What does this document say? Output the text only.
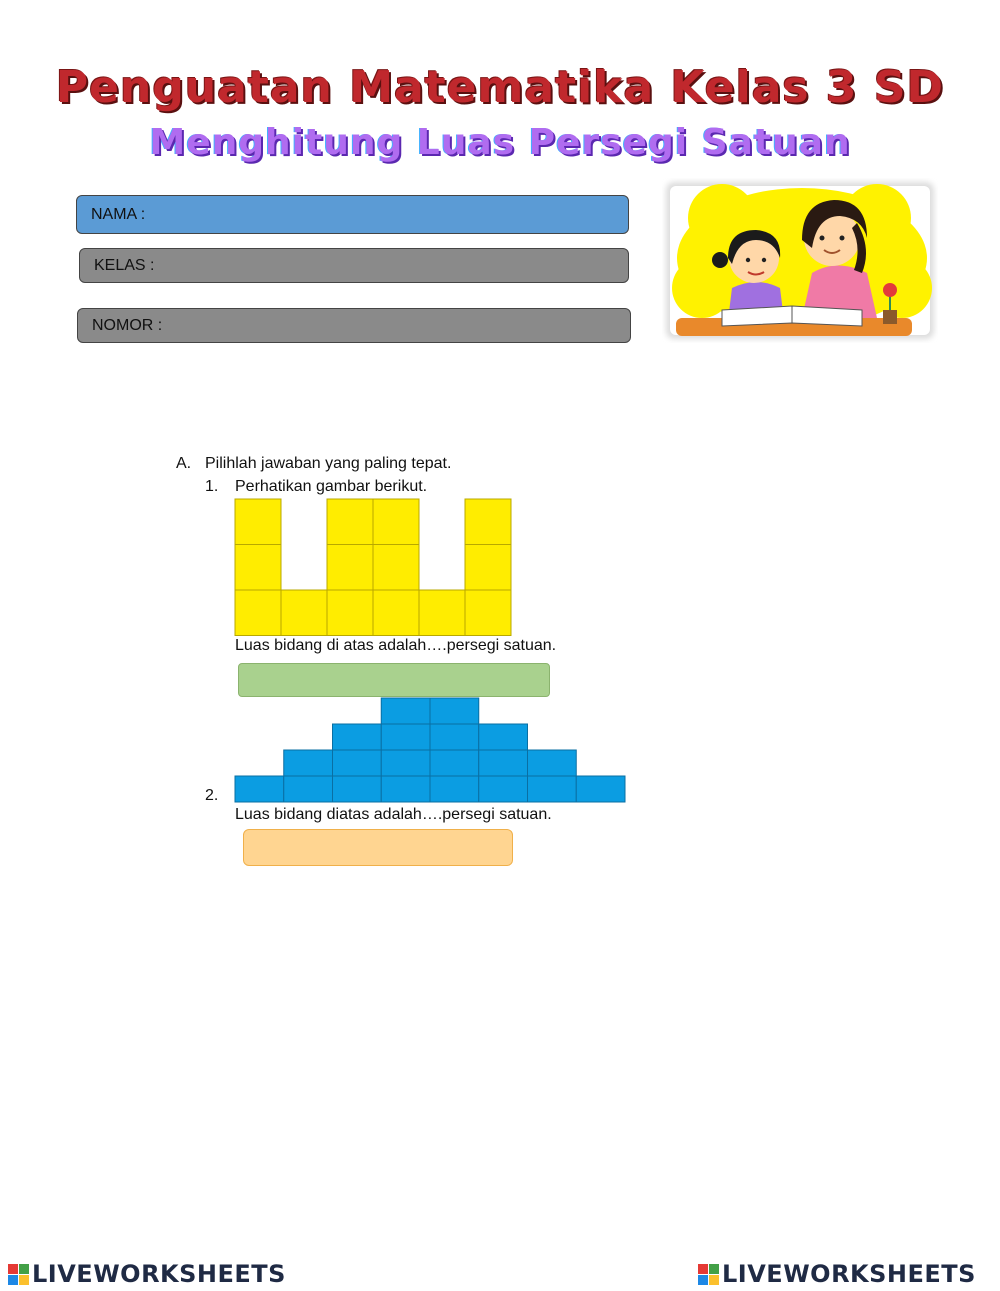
Penguatan Matematika Kelas 3 SD
Menghitung Luas Persegi Satuan
NAMA :
KELAS :
NOMOR :
A. Pilihlah jawaban yang paling tepat.
1. Perhatikan gambar berikut.
Luas bidang di atas adalah….persegi satuan.
2.
Luas bidang diatas adalah….persegi satuan.
LIVEWORKSHEETS	LIVEWORKSHEETS
